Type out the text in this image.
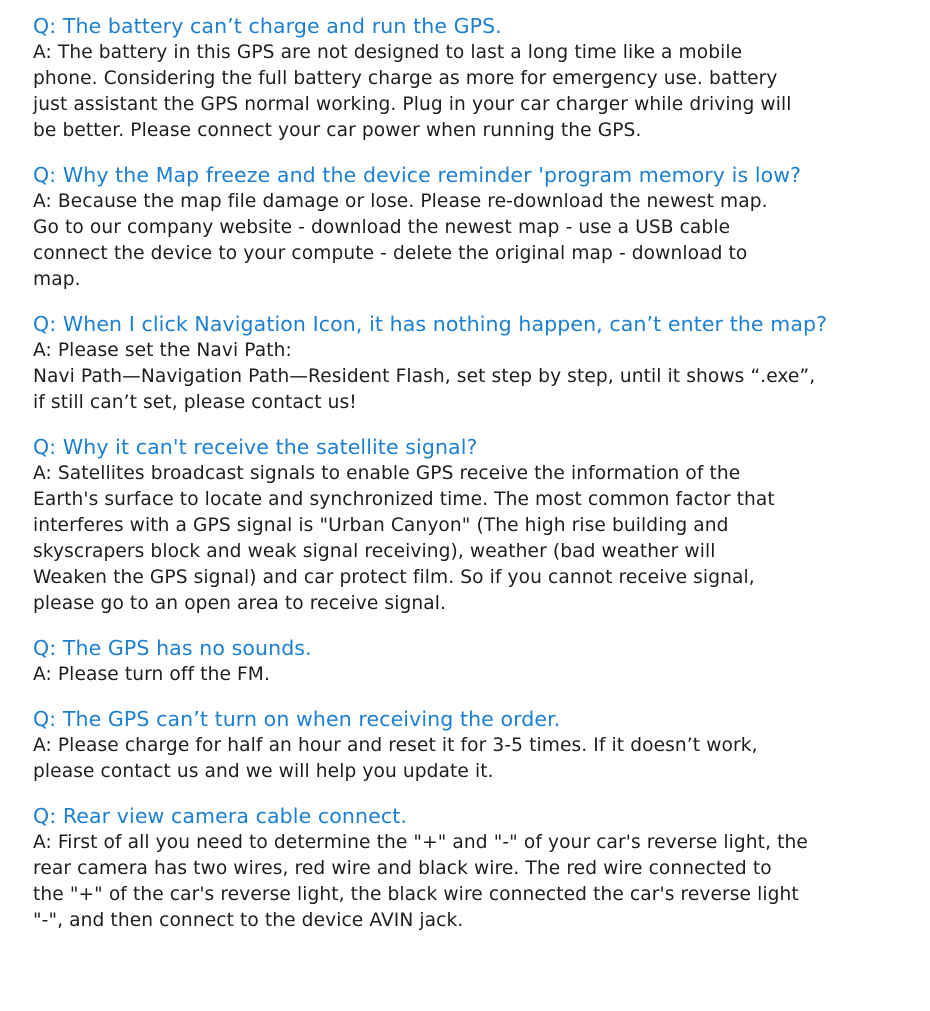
Q: The battery can’t charge and run the GPS.
A: The battery in this GPS are not designed to last a long time like a mobile
phone. Considering the full battery charge as more for emergency use. battery
just assistant the GPS normal working. Plug in your car charger while driving will
be better. Please connect your car power when running the GPS.
Q: Why the Map freeze and the device reminder 'program memory is low?
A: Because the map file damage or lose. Please re-download the newest map.
Go to our company website - download the newest map - use a USB cable
connect the device to your compute - delete the original map - download to
map.
Q: When I click Navigation Icon, it has nothing happen, can’t enter the map?
A: Please set the Navi Path:
Navi Path—Navigation Path—Resident Flash, set step by step, until it shows “.exe”,
if still can’t set, please contact us!
Q: Why it can't receive the satellite signal?
A: Satellites broadcast signals to enable GPS receive the information of the
Earth's surface to locate and synchronized time. The most common factor that
interferes with a GPS signal is "Urban Canyon" (The high rise building and
skyscrapers block and weak signal receiving), weather (bad weather will
Weaken the GPS signal) and car protect film. So if you cannot receive signal,
please go to an open area to receive signal.
Q: The GPS has no sounds.
A: Please turn off the FM.
Q: The GPS can’t turn on when receiving the order.
A: Please charge for half an hour and reset it for 3-5 times. If it doesn’t work,
please contact us and we will help you update it.
Q: Rear view camera cable connect.
A: First of all you need to determine the "+" and "-" of your car's reverse light, the
rear camera has two wires, red wire and black wire. The red wire connected to
the "+" of the car's reverse light, the black wire connected the car's reverse light
"-", and then connect to the device AVIN jack.
